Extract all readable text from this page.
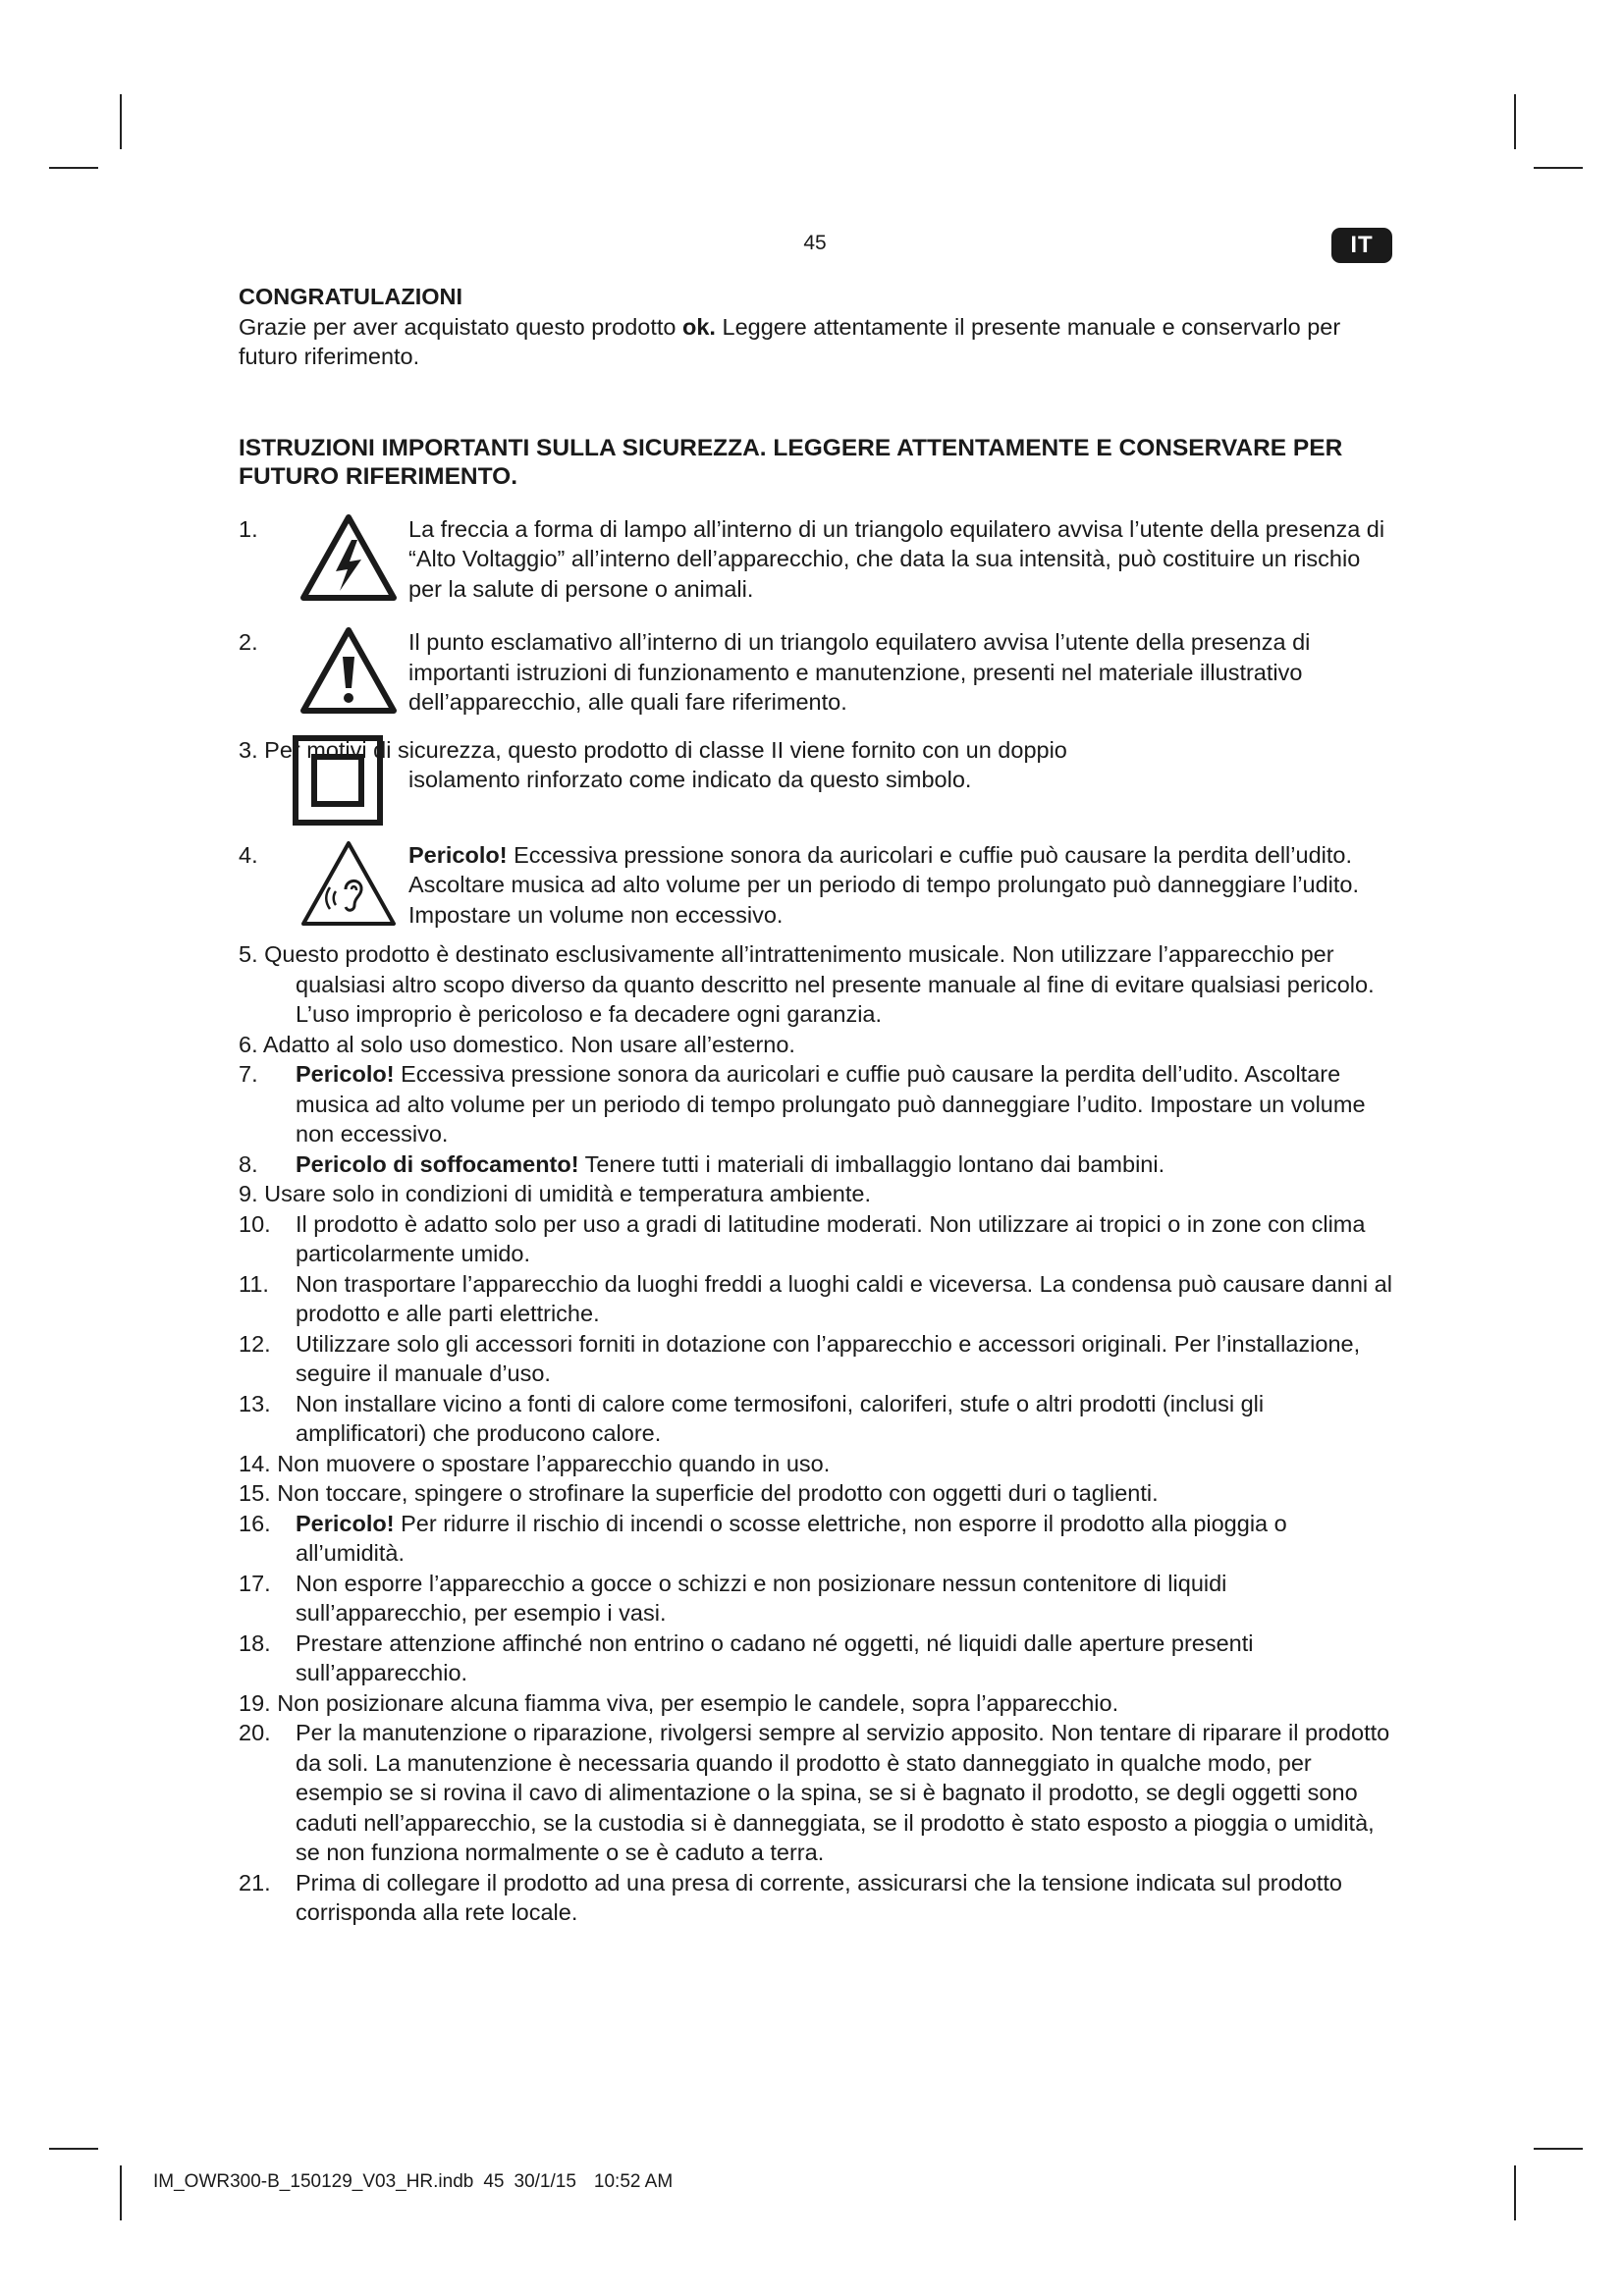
45	IT
CONGRATULAZIONI

Grazie per aver acquistato questo prodotto ok. Leggere attentamente il presente manuale e conservarlo per futuro riferimento.

ISTRUZIONI IMPORTANTI SULLA SICUREZZA. LEGGERE ATTENTAMENTE E CONSERVARE PER FUTURO RIFERIMENTO.
1.	La freccia a forma di lampo all’interno di un triangolo equilatero avvisa l’utente della presenza di “Alto Voltaggio” all’interno dell’apparecchio, che data la sua intensità, può costituire un rischio per la salute di persone o animali.
2.	Il punto esclamativo all’interno di un triangolo equilatero avvisa l’utente della presenza di importanti istruzioni di funzionamento e manutenzione, presenti nel materiale illustrativo dell’apparecchio, alle quali fare riferimento.
3. Per motivi di sicurezza, questo prodotto di classe II viene fornito con un doppio
isolamento rinforzato come indicato da questo simbolo.
4.	Pericolo! Eccessiva pressione sonora da auricolari e cuffie può causare la perdita dell’udito. Ascoltare musica ad alto volume per un periodo di tempo prolungato può danneggiare l’udito. Impostare un volume non eccessivo.
5. Questo prodotto è destinato esclusivamente all’intrattenimento musicale. Non utilizzare l’apparecchio per qualsiasi altro scopo diverso da quanto descritto nel presente manuale al fine di evitare qualsiasi pericolo. L’uso improprio è pericoloso e fa decadere ogni garanzia.
6. Adatto al solo uso domestico. Non usare all’esterno.
7.	Pericolo! Eccessiva pressione sonora da auricolari e cuffie può causare la perdita dell’udito. Ascoltare musica ad alto volume per un periodo di tempo prolungato può danneggiare l’udito. Impostare un volume non eccessivo.
8.	Pericolo di soffocamento! Tenere tutti i materiali di imballaggio lontano dai bambini.
9. Usare solo in condizioni di umidità e temperatura ambiente.
10.	Il prodotto è adatto solo per uso a gradi di latitudine moderati. Non utilizzare ai tropici o in zone con clima particolarmente umido.
11.	Non trasportare l’apparecchio da luoghi freddi a luoghi caldi e viceversa. La condensa può causare danni al prodotto e alle parti elettriche.
12.	Utilizzare solo gli accessori forniti in dotazione con l’apparecchio e accessori originali. Per l’installazione, seguire il manuale d’uso.
13.	Non installare vicino a fonti di calore come termosifoni, caloriferi, stufe o altri prodotti (inclusi gli amplificatori) che producono calore.
14. Non muovere o spostare l’apparecchio quando in uso.
15. Non toccare, spingere o strofinare la superficie del prodotto con oggetti duri o taglienti.
16.	Pericolo! Per ridurre il rischio di incendi o scosse elettriche, non esporre il prodotto alla pioggia o all’umidità.
17.	Non esporre l’apparecchio a gocce o schizzi e non posizionare nessun contenitore di liquidi sull’apparecchio, per esempio i vasi.
18.	Prestare attenzione affinché non entrino o cadano né oggetti, né liquidi dalle aperture presenti sull’apparecchio.
19. Non posizionare alcuna fiamma viva, per esempio le candele, sopra l’apparecchio.
20.	Per la manutenzione o riparazione, rivolgersi sempre al servizio apposito. Non tentare di riparare il prodotto da soli. La manutenzione è necessaria quando il prodotto è stato danneggiato in qualche modo, per esempio se si rovina il cavo di alimentazione o la spina, se si è bagnato il prodotto, se degli oggetti sono caduti nell’apparecchio, se la custodia si è danneggiata, se il prodotto è stato esposto a pioggia o umidità, se non funziona normalmente o se è caduto a terra.
21.	Prima di collegare il prodotto ad una presa di corrente, assicurarsi che la tensione indicata sul prodotto corrisponda alla rete locale.
IM_OWR300-B_150129_V03_HR.indb 45 30/1/15 10:52 AM
